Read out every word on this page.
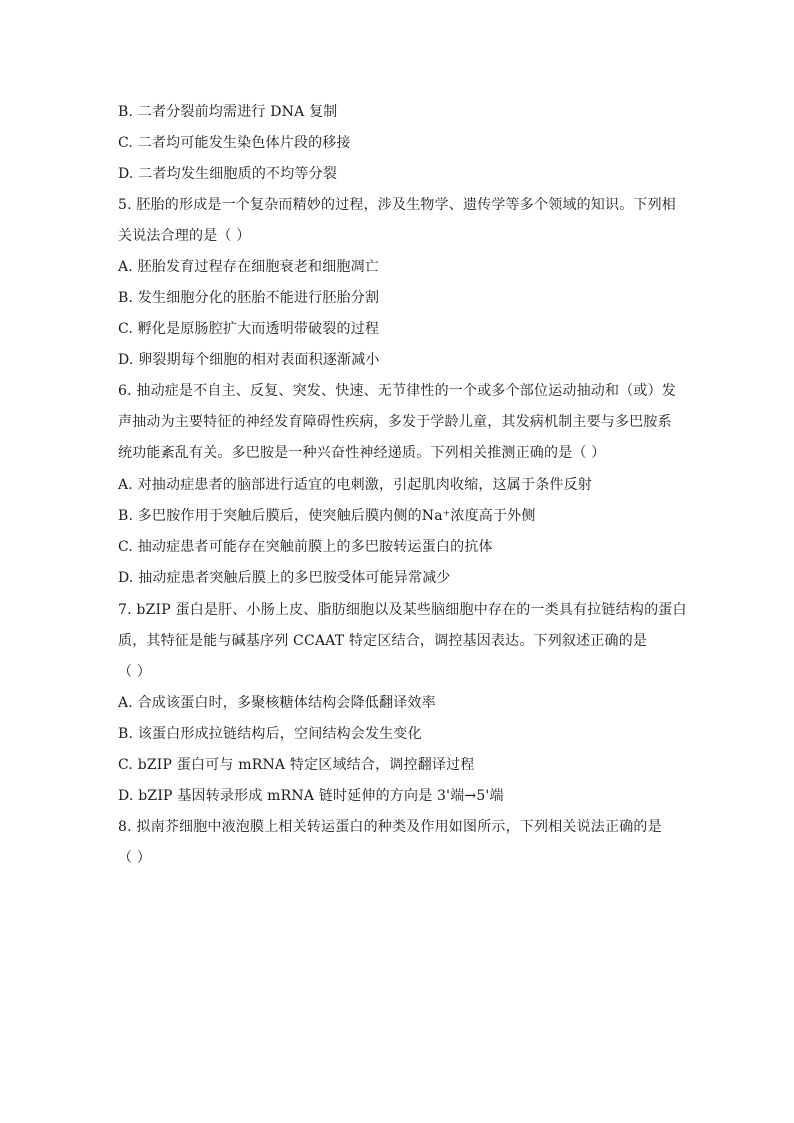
B. 二者分裂前均需进行 DNA 复制
C. 二者均可能发生染色体片段的移接
D. 二者均发生细胞质的不均等分裂
5. 胚胎的形成是一个复杂而精妙的过程，涉及生物学、遗传学等多个领域的知识。下列相
关说法合理的是（ ）
A. 胚胎发育过程存在细胞衰老和细胞凋亡
B. 发生细胞分化的胚胎不能进行胚胎分割
C. 孵化是原肠腔扩大而透明带破裂的过程
D. 卵裂期每个细胞的相对表面积逐渐减小
6. 抽动症是不自主、反复、突发、快速、无节律性的一个或多个部位运动抽动和（或）发
声抽动为主要特征的神经发育障碍性疾病，多发于学龄儿童，其发病机制主要与多巴胺系
统功能紊乱有关。多巴胺是一种兴奋性神经递质。下列相关推测正确的是（ ）
A. 对抽动症患者的脑部进行适宜的电刺激，引起肌肉收缩，这属于条件反射
B. 多巴胺作用于突触后膜后，使突触后膜内侧的Na⁺浓度高于外侧
C. 抽动症患者可能存在突触前膜上的多巴胺转运蛋白的抗体
D. 抽动症患者突触后膜上的多巴胺受体可能异常减少
7. bZIP 蛋白是肝、小肠上皮、脂肪细胞以及某些脑细胞中存在的一类具有拉链结构的蛋白
质，其特征是能与碱基序列 CCAAT 特定区结合，调控基因表达。下列叙述正确的是
（ ）
A. 合成该蛋白时，多聚核糖体结构会降低翻译效率
B. 该蛋白形成拉链结构后，空间结构会发生变化
C. bZIP 蛋白可与 mRNA 特定区域结合，调控翻译过程
D. bZIP 基因转录形成 mRNA 链时延伸的方向是 3'端→5'端
8. 拟南芥细胞中液泡膜上相关转运蛋白的种类及作用如图所示，下列相关说法正确的是
（ ）
